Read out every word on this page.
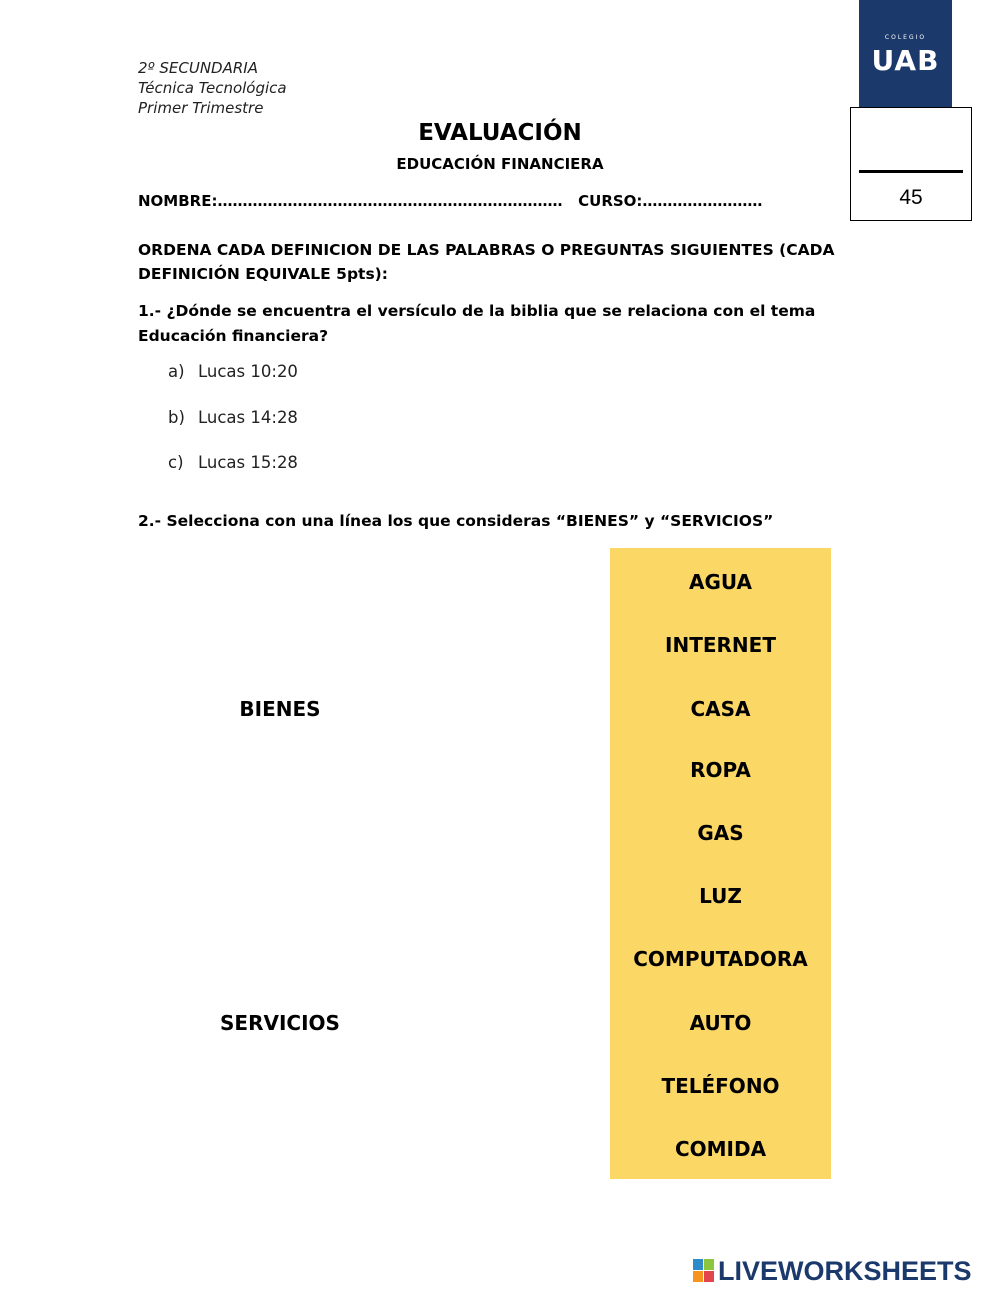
2º SECUNDARIA
Técnica Tecnológica
Primer Trimestre
COLEGIO
UAB
45
EVALUACIÓN
EDUCACIÓN FINANCIERA
NOMBRE:…………………………………………………………… CURSO:……………………
ORDENA CADA DEFINICION DE LAS PALABRAS O PREGUNTAS SIGUIENTES (CADA DEFINICIÓN EQUIVALE 5pts):
1.- ¿Dónde se encuentra el versículo de la biblia que se relaciona con el tema Educación financiera?
a) Lucas 10:20
b) Lucas 14:28
c) Lucas 15:28
2.- Selecciona con una línea los que consideras “BIENES” y “SERVICIOS”
BIENES
SERVICIOS
AGUA
INTERNET
CASA
ROPA
GAS
LUZ
COMPUTADORA
AUTO
TELÉFONO
COMIDA
LIVEWORKSHEETS
